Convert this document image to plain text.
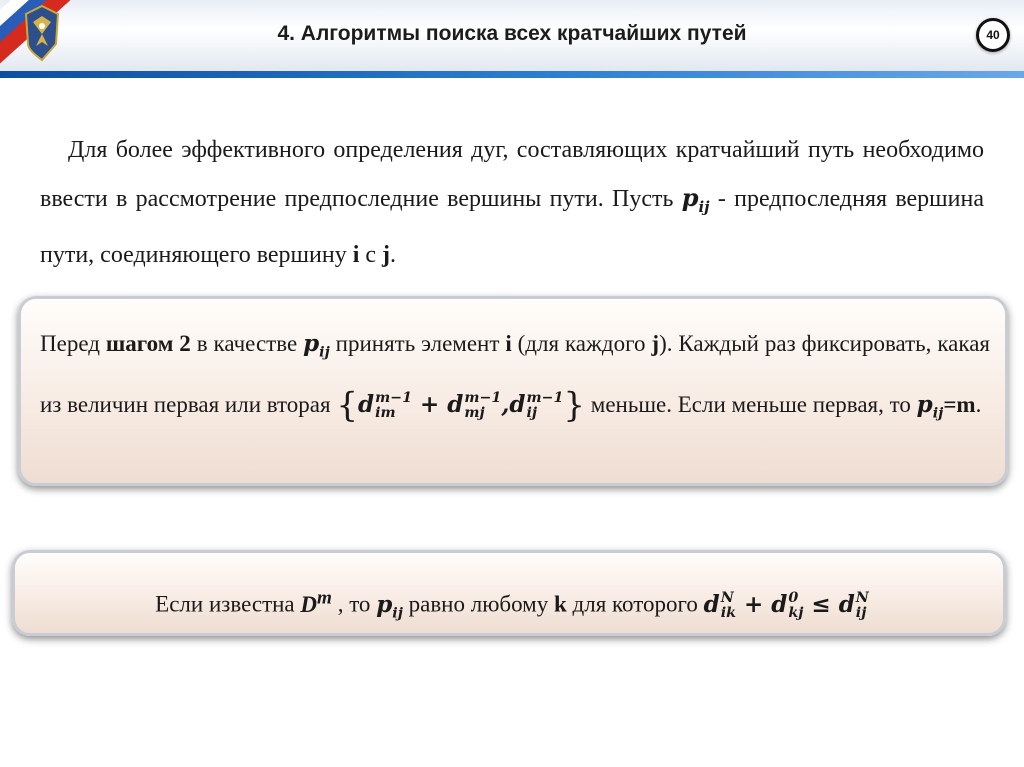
4. Алгоритмы поиска всех кратчайших путей	40
Для более эффективного определения дуг, составляющих кратчайший путь необходимо ввести в рассмотрение предпоследние вершины пути. Пусть $p_{ij}$ - предпоследняя вершина пути, соединяющего вершину i с j.
Перед шагом 2 в качестве $p_{ij}$ принять элемент i (для каждого j). Каждый раз фиксировать, какая из величин первая или вторая {d m−1
im + d m−1
mj ,d m−1
ij } меньше. Если меньше первая, то $p_{ij}=m$.
Если известна $D^m$ , то $p_{ij}$ равно любому k для которого d N
ik + d 0
kj ≤ d N
ij
